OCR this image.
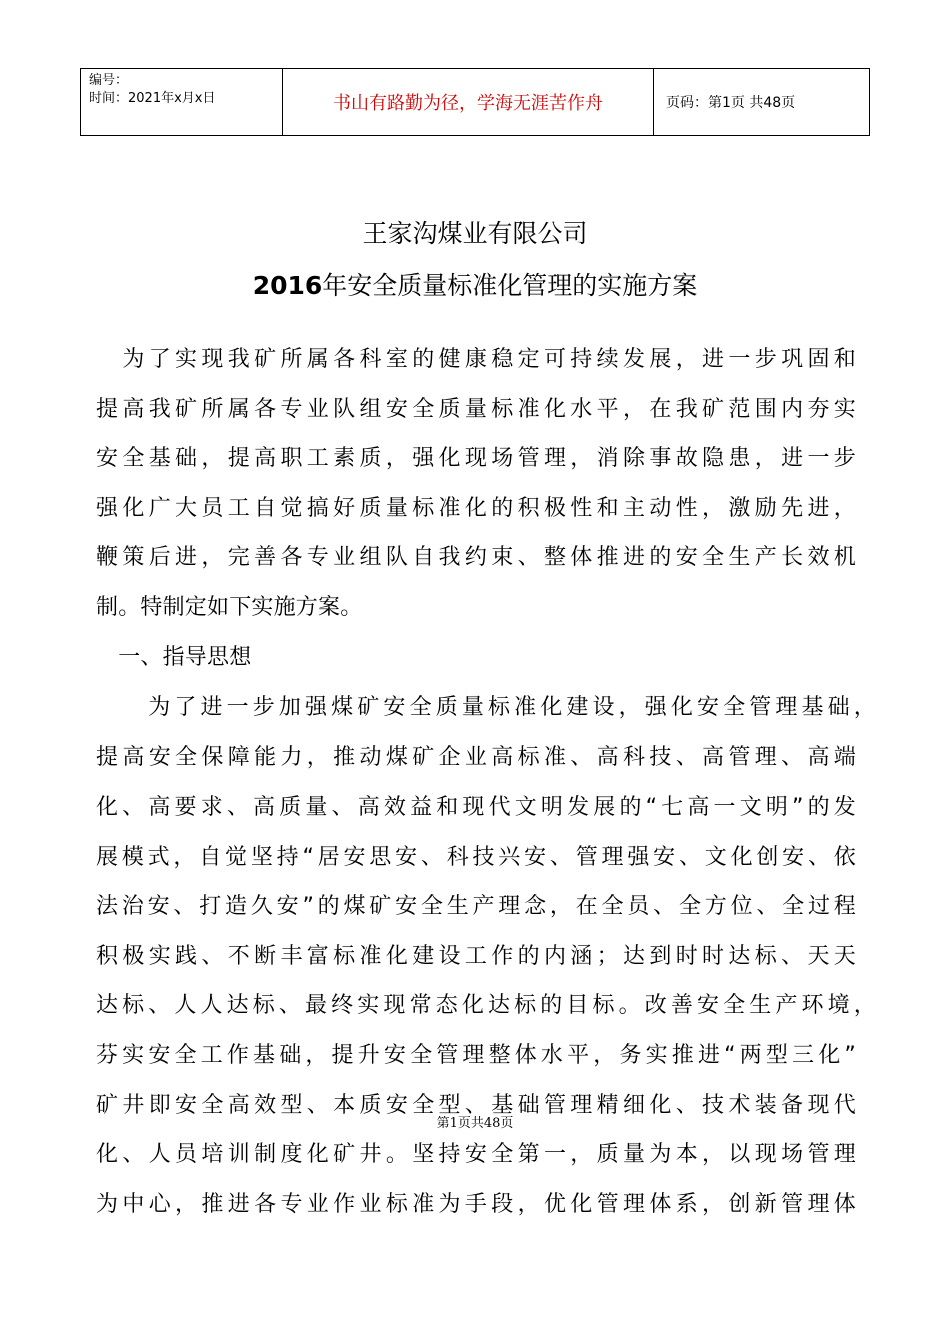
编号：
时间：2021年x月x日	书山有路勤为径，学海无涯苦作舟	页码：第1页 共48页
王家沟煤业有限公司
2016年安全质量标准化管理的实施方案
　为了实现我矿所属各科室的健康稳定可持续发展，进一步巩固和
提高我矿所属各专业队组安全质量标准化水平，在我矿范围内夯实
安全基础，提高职工素质，强化现场管理，消除事故隐患，进一步
强化广大员工自觉搞好质量标准化的积极性和主动性，激励先进，
鞭策后进，完善各专业组队自我约束、整体推进的安全生产长效机
制。特制定如下实施方案。
　一、指导思想
　　为了进一步加强煤矿安全质量标准化建设，强化安全管理基础，
提高安全保障能力，推动煤矿企业高标准、高科技、高管理、高端
化、高要求、高质量、高效益和现代文明发展的“七高一文明”的发
展模式，自觉坚持“居安思安、科技兴安、管理强安、文化创安、依
法治安、打造久安”的煤矿安全生产理念，在全员、全方位、全过程
积极实践、不断丰富标准化建设工作的内涵；达到时时达标、天天
达标、人人达标、最终实现常态化达标的目标。改善安全生产环境，
芬实安全工作基础，提升安全管理整体水平，务实推进“两型三化”
矿井即安全高效型、本质安全型、基础管理精细化、技术装备现代
化、人员培训制度化矿井。坚持安全第一，质量为本，以现场管理
为中心，推进各专业作业标准为手段，优化管理体系，创新管理体
第1页共48页
